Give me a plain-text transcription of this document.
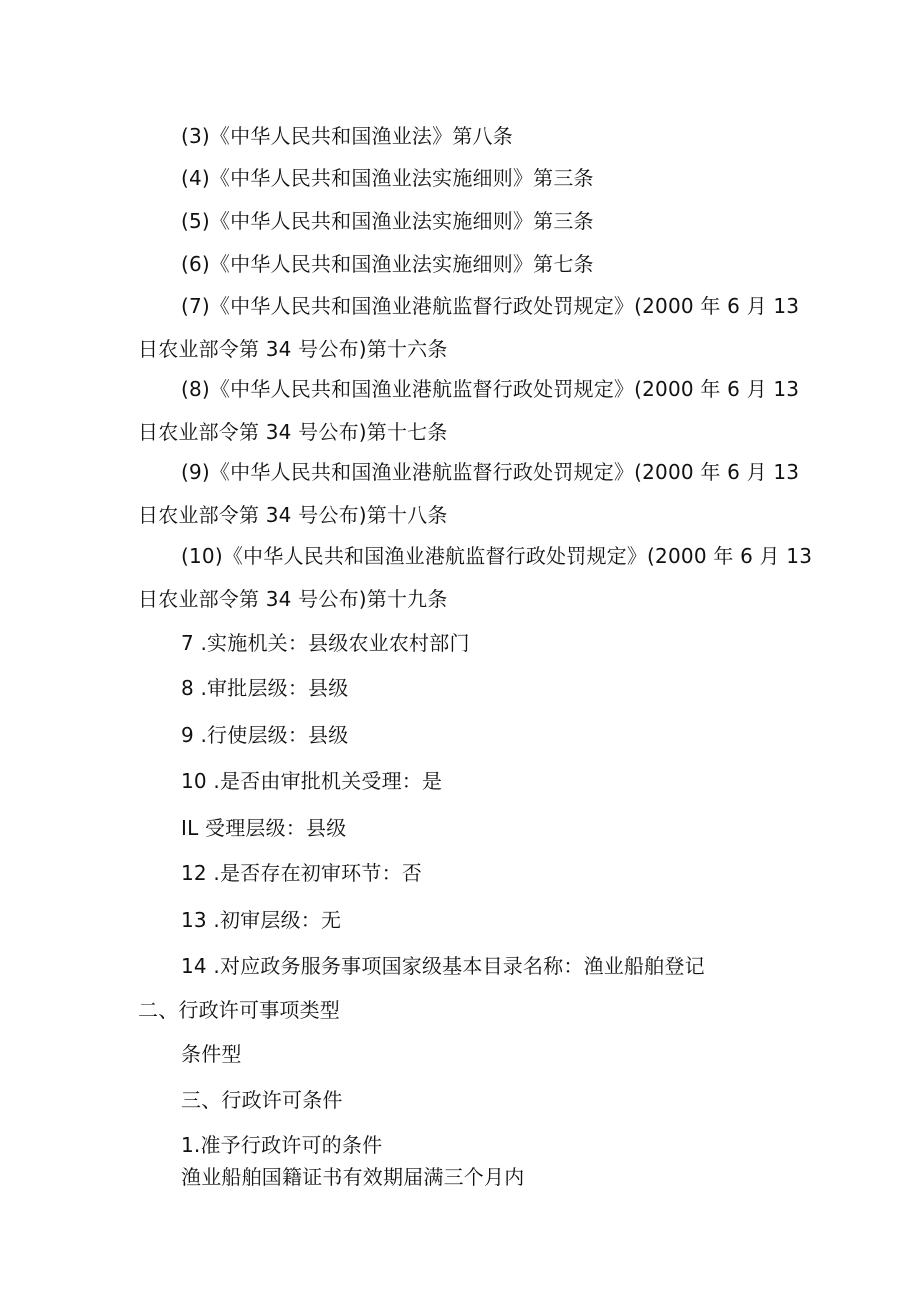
(3)《中华人民共和国渔业法》第八条
(4)《中华人民共和国渔业法实施细则》第三条
(5)《中华人民共和国渔业法实施细则》第三条
(6)《中华人民共和国渔业法实施细则》第七条
(7)《中华人民共和国渔业港航监督行政处罚规定》(2000 年 6 月 13
日农业部令第 34 号公布)第十六条
(8)《中华人民共和国渔业港航监督行政处罚规定》(2000 年 6 月 13
日农业部令第 34 号公布)第十七条
(9)《中华人民共和国渔业港航监督行政处罚规定》(2000 年 6 月 13
日农业部令第 34 号公布)第十八条
(10)《中华人民共和国渔业港航监督行政处罚规定》(2000 年 6 月 13
日农业部令第 34 号公布)第十九条
7 .实施机关：县级农业农村部门
8 .审批层级：县级
9 .行使层级：县级
10 .是否由审批机关受理：是
IL 受理层级：县级
12 .是否存在初审环节：否
13 .初审层级：无
14 .对应政务服务事项国家级基本目录名称：渔业船舶登记
二、行政许可事项类型
条件型
三、行政许可条件
1.准予行政许可的条件
渔业船舶国籍证书有效期届满三个月内
